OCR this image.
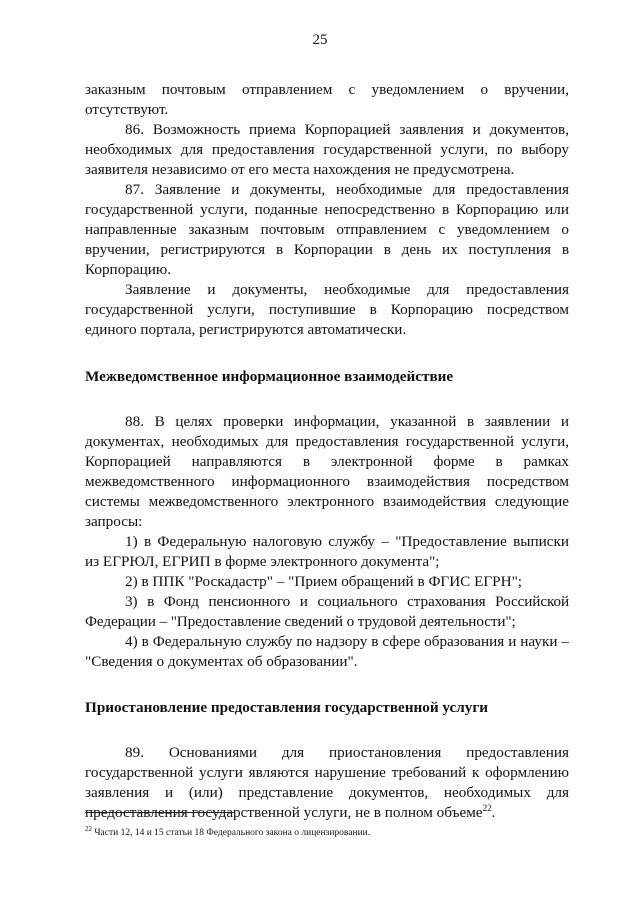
25

заказным почтовым отправлением с уведомлением о вручении, отсутствуют.

86. Возможность приема Корпорацией заявления и документов, необходимых для предоставления государственной услуги, по выбору заявителя независимо от его места нахождения не предусмотрена.

87. Заявление и документы, необходимые для предоставления государственной услуги, поданные непосредственно в Корпорацию или направленные заказным почтовым отправлением с уведомлением о вручении, регистрируются в Корпорации в день их поступления в Корпорацию.

Заявление и документы, необходимые для предоставления государственной услуги, поступившие в Корпорацию посредством единого портала, регистрируются автоматически.

Межведомственное информационное взаимодействие

88. В целях проверки информации, указанной в заявлении и документах, необходимых для предоставления государственной услуги, Корпорацией направляются в электронной форме в рамках межведомственного информационного взаимодействия посредством системы межведомственного электронного взаимодействия следующие запросы:

1) в Федеральную налоговую службу – "Предоставление выписки из ЕГРЮЛ, ЕГРИП в форме электронного документа";

2) в ППК "Роскадастр" – "Прием обращений в ФГИС ЕГРН";

3) в Фонд пенсионного и социального страхования Российской Федерации – "Предоставление сведений о трудовой деятельности";

4) в Федеральную службу по надзору в сфере образования и науки – "Сведения о документах об образовании".

Приостановление предоставления государственной услуги

89. Основаниями для приостановления предоставления государственной услуги являются нарушение требований к оформлению заявления и (или) представление документов, необходимых для предоставления государственной услуги, не в полном объеме$^{22}$.

$^{22}$ Части 12, 14 и 15 статьи 18 Федерального закона о лицензировании.
